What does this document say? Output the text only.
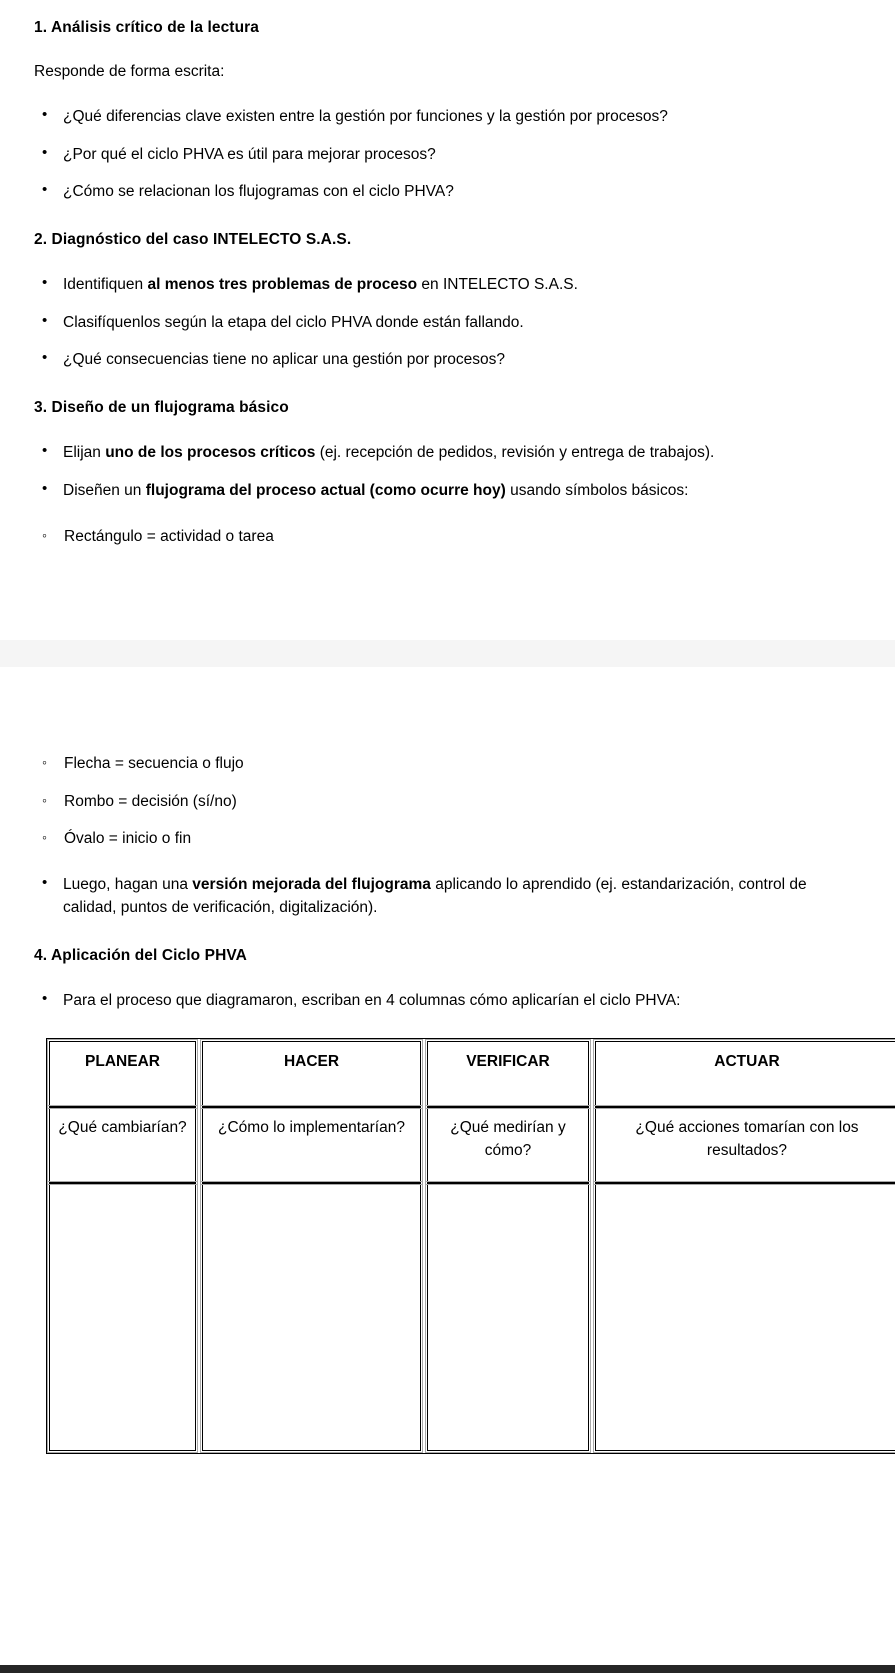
1. Análisis crítico de la lectura

Responde de forma escrita:

• ¿Qué diferencias clave existen entre la gestión por funciones y la gestión por procesos?
• ¿Por qué el ciclo PHVA es útil para mejorar procesos?
• ¿Cómo se relacionan los flujogramas con el ciclo PHVA?
2. Diagnóstico del caso INTELECTO S.A.S.
• Identifiquen al menos tres problemas de proceso en INTELECTO S.A.S.
• Clasifíquenlos según la etapa del ciclo PHVA donde están fallando.
• ¿Qué consecuencias tiene no aplicar una gestión por procesos?
3. Diseño de un flujograma básico
• Elijan uno de los procesos críticos (ej. recepción de pedidos, revisión y entrega de trabajos).
• Diseñen un flujograma del proceso actual (como ocurre hoy) usando símbolos básicos:
◦ Rectángulo = actividad o tarea
◦ Flecha = secuencia o flujo
◦ Rombo = decisión (sí/no)
◦ Óvalo = inicio o fin
• Luego, hagan una versión mejorada del flujograma aplicando lo aprendido (ej. estandarización, control de calidad, puntos de verificación, digitalización).
4. Aplicación del Ciclo PHVA
• Para el proceso que diagramaron, escriban en 4 columnas cómo aplicarían el ciclo PHVA:
PLANEAR		HACER		VERIFICAR		ACTUAR
¿Qué cambiarían?		¿Cómo lo implementarían?		¿Qué medirían y cómo?		¿Qué acciones tomarían con los resultados?
